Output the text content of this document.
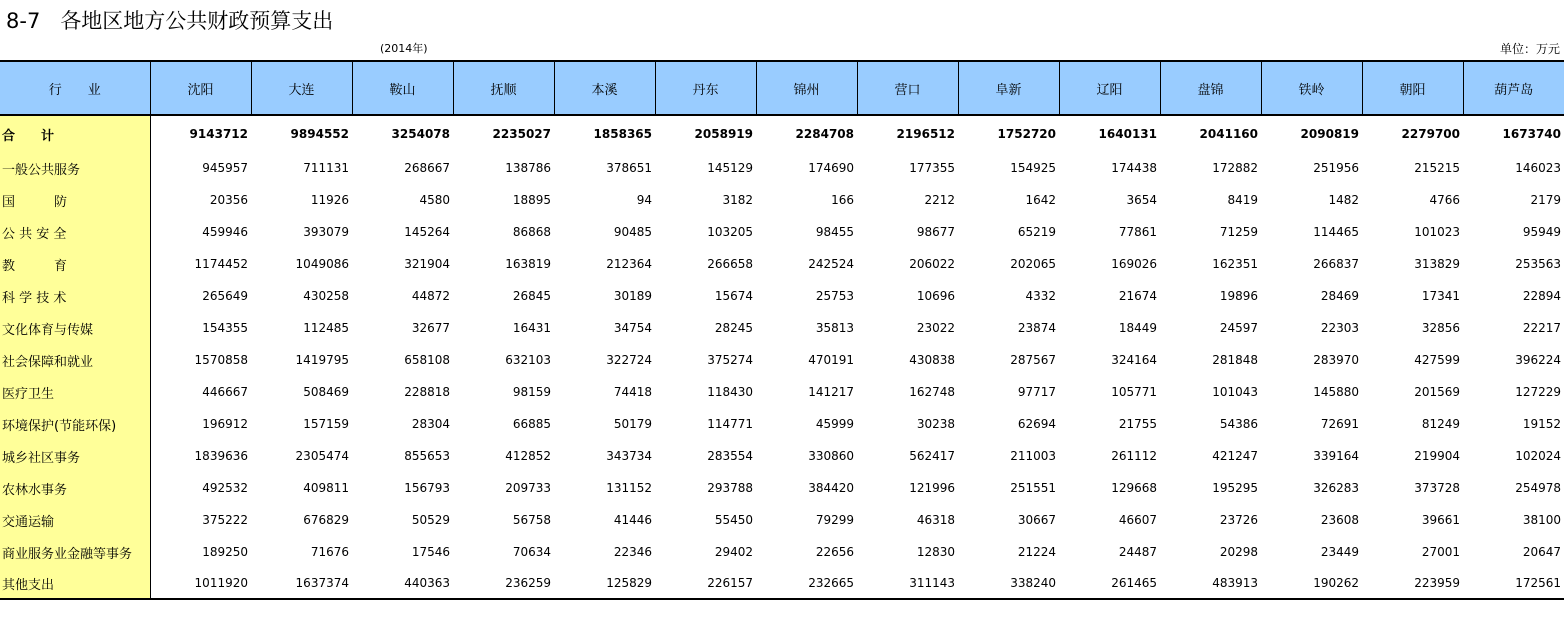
8-7 各地区地方公共财政预算支出
(2014年)	单位：万元
行业	沈阳	大连	鞍山	抚顺	本溪	丹东	锦州	营口	阜新	辽阳	盘锦	铁岭	朝阳	葫芦岛
合　　计	9143712	9894552	3254078	2235027	1858365	2058919	2284708	2196512	1752720	1640131	2041160	2090819	2279700	1673740
一般公共服务	945957	711131	268667	138786	378651	145129	174690	177355	154925	174438	172882	251956	215215	146023
国　　　防	20356	11926	4580	18895	94	3182	166	2212	1642	3654	8419	1482	4766	2179
公 共 安 全	459946	393079	145264	86868	90485	103205	98455	98677	65219	77861	71259	114465	101023	95949
教　　　育	1174452	1049086	321904	163819	212364	266658	242524	206022	202065	169026	162351	266837	313829	253563
科 学 技 术	265649	430258	44872	26845	30189	15674	25753	10696	4332	21674	19896	28469	17341	22894
文化体育与传媒	154355	112485	32677	16431	34754	28245	35813	23022	23874	18449	24597	22303	32856	22217
社会保障和就业	1570858	1419795	658108	632103	322724	375274	470191	430838	287567	324164	281848	283970	427599	396224
医疗卫生	446667	508469	228818	98159	74418	118430	141217	162748	97717	105771	101043	145880	201569	127229
环境保护(节能环保)	196912	157159	28304	66885	50179	114771	45999	30238	62694	21755	54386	72691	81249	19152
城乡社区事务	1839636	2305474	855653	412852	343734	283554	330860	562417	211003	261112	421247	339164	219904	102024
农林水事务	492532	409811	156793	209733	131152	293788	384420	121996	251551	129668	195295	326283	373728	254978
交通运输	375222	676829	50529	56758	41446	55450	79299	46318	30667	46607	23726	23608	39661	38100
商业服务业金融等事务	189250	71676	17546	70634	22346	29402	22656	12830	21224	24487	20298	23449	27001	20647
其他支出	1011920	1637374	440363	236259	125829	226157	232665	311143	338240	261465	483913	190262	223959	172561
